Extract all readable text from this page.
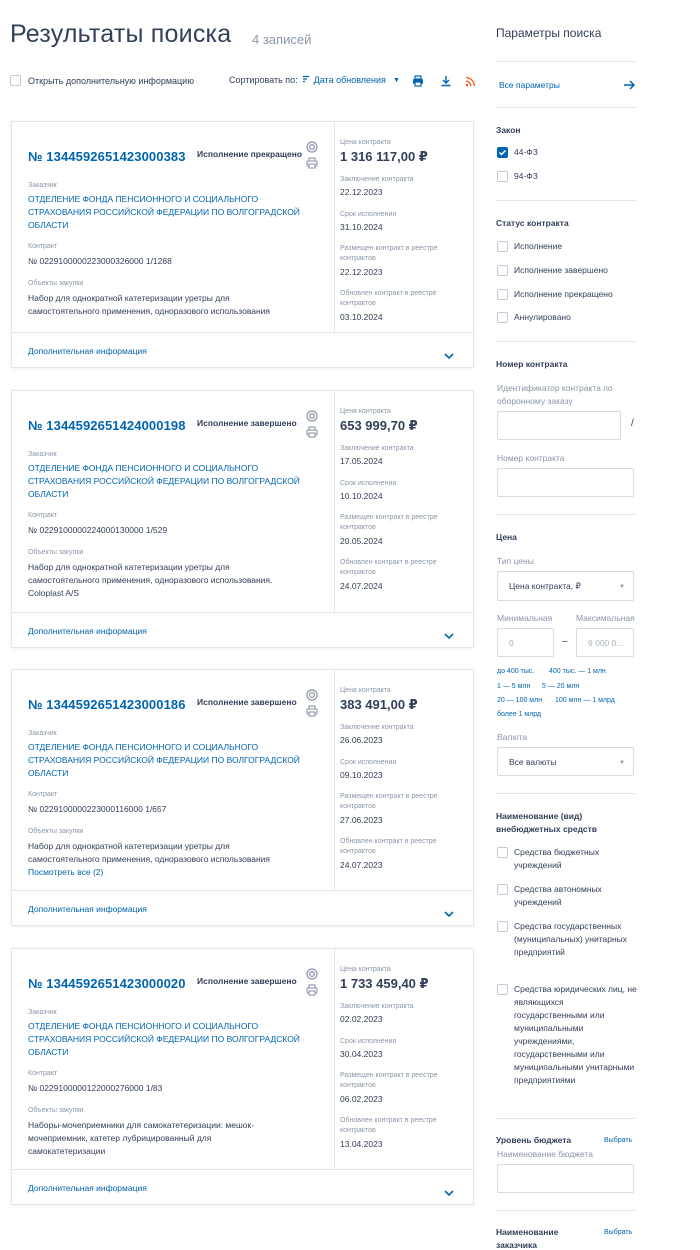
Результаты поиска 4 записей
Открыть дополнительную информацию	Сортировать по: Дата обновления ▼
№ 1344592651423000383 Исполнение прекращено
Заказчик
ОТДЕЛЕНИЕ ФОНДА ПЕНСИОННОГО И СОЦИАЛЬНОГО СТРАХОВАНИЯ РОССИЙСКОЙ ФЕДЕРАЦИИ ПО ВОЛГОГРАДСКОЙ ОБЛАСТИ
Контракт
№ 0229100000223000326000 1/1288
Объекты закупки
Набор для однократной катетеризации уретры для самостоятельного применения, одноразового использования
Цена контракта
1 316 117,00 ₽
Заключение контракта
22.12.2023
Срок исполнения
31.10.2024
Размещен контракт в реестре контрактов
22.12.2023
Обновлен контракт в реестре контрактов
03.10.2024
Дополнительная информация
№ 1344592651424000198 Исполнение завершено
Заказчик
ОТДЕЛЕНИЕ ФОНДА ПЕНСИОННОГО И СОЦИАЛЬНОГО СТРАХОВАНИЯ РОССИЙСКОЙ ФЕДЕРАЦИИ ПО ВОЛГОГРАДСКОЙ ОБЛАСТИ
Контракт
№ 0229100000224000130000 1/529
Объекты закупки
Набор для однократной катетеризации уретры для самостоятельного применения, одноразового использования. Coloplast A/S
Цена контракта
653 999,70 ₽
Заключение контракта
17.05.2024
Срок исполнения
10.10.2024
Размещен контракт в реестре контрактов
20.05.2024
Обновлен контракт в реестре контрактов
24.07.2024
Дополнительная информация
№ 1344592651423000186 Исполнение завершено
Заказчик
ОТДЕЛЕНИЕ ФОНДА ПЕНСИОННОГО И СОЦИАЛЬНОГО СТРАХОВАНИЯ РОССИЙСКОЙ ФЕДЕРАЦИИ ПО ВОЛГОГРАДСКОЙ ОБЛАСТИ
Контракт
№ 0229100000223000116000 1/657
Объекты закупки
Набор для однократной катетеризации уретры для самостоятельного применения, одноразового использования
Посмотреть все (2)
Цена контракта
383 491,00 ₽
Заключение контракта
26.06.2023
Срок исполнения
09.10.2023
Размещен контракт в реестре контрактов
27.06.2023
Обновлен контракт в реестре контрактов
24.07.2023
Дополнительная информация
№ 1344592651423000020 Исполнение завершено
Заказчик
ОТДЕЛЕНИЕ ФОНДА ПЕНСИОННОГО И СОЦИАЛЬНОГО СТРАХОВАНИЯ РОССИЙСКОЙ ФЕДЕРАЦИИ ПО ВОЛГОГРАДСКОЙ ОБЛАСТИ
Контракт
№ 0229100000122000276000 1/83
Объекты закупки
Наборы-мочеприемники для самокатетеризации: мешок-мочеприемник, катетер лубрицированный для самокатетеризации
Цена контракта
1 733 459,40 ₽
Заключение контракта
02.02.2023
Срок исполнения
30.04.2023
Размещен контракт в реестре контрактов
06.02.2023
Обновлен контракт в реестре контрактов
13.04.2023
Дополнительная информация
Параметры поиска
Все параметры
Закон
44-ФЗ
94-ФЗ
Статус контракта
Исполнение
Исполнение завершено
Исполнение прекращено
Аннулировано
Номер контракта
Идентификатор контракта по оборонному заказу
/
Номер контракта
Цена
Тип цены
Цена контракта, ₽	▼
Минимальная	Максимальная
0	– 9 000 0...
до 400 тыс. 400 тыс. — 1 млн
1 — 5 млн 5 — 20 млн
20 — 100 млн 100 млн — 1 млрд
более 1 млрд
Валюта
Все валюты	▼
Наименование (вид) внебюджетных средств
Средства бюджетных учреждений
Средства автономных учреждений
Средства государственных (муниципальных) унитарных предприятий
Средства юридических лиц, не являющихся государственными или муниципальными учреждениями, государственными или муниципальными унитарными предприятиями
Уровень бюджета	Выбрать
Наименование бюджета
Наименование заказчика
Выбрать
